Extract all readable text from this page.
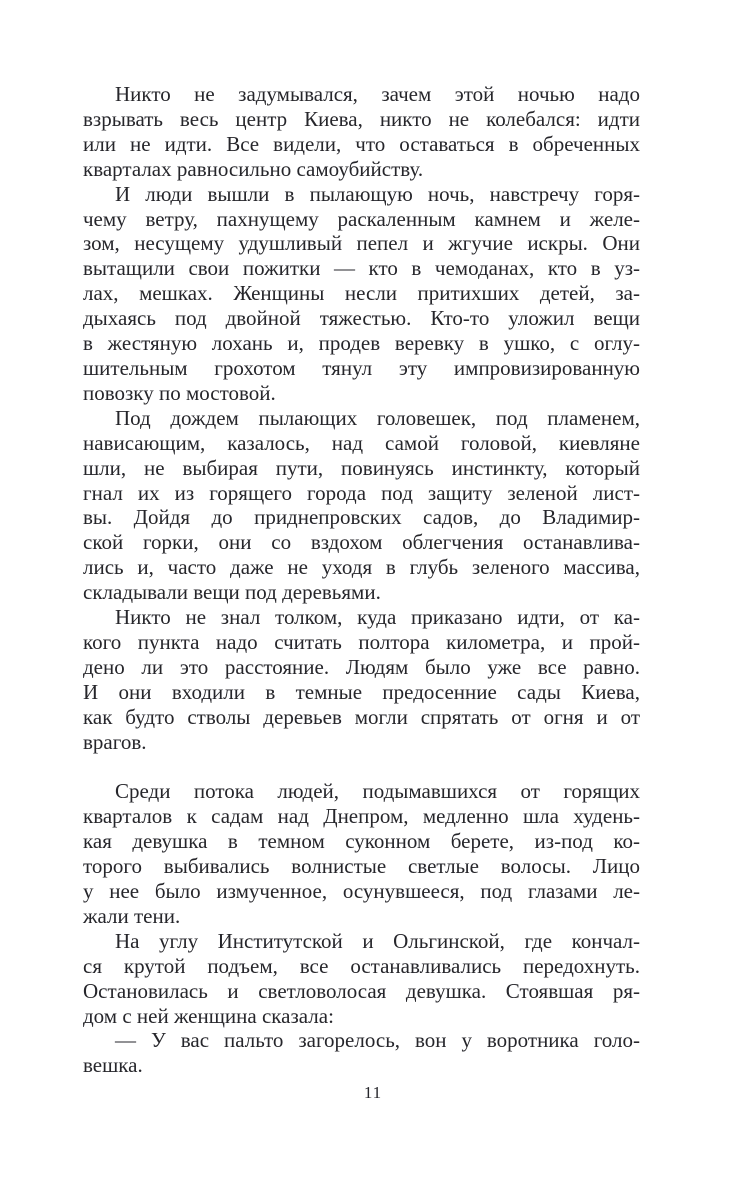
Никто не задумывался, зачем этой ночью надо
взрывать весь центр Киева, никто не колебался: идти
или не идти. Все видели, что оставаться в обреченных
кварталах равносильно самоубийству.
И люди вышли в пылающую ночь, навстречу горя-
чему ветру, пахнущему раскаленным камнем и желе-
зом, несущему удушливый пепел и жгучие искры. Они
вытащили свои пожитки — кто в чемоданах, кто в уз-
лах, мешках. Женщины несли притихших детей, за-
дыхаясь под двойной тяжестью. Кто-то уложил вещи
в жестяную лохань и, продев веревку в ушко, с оглу-
шительным грохотом тянул эту импровизированную
повозку по мостовой.
Под дождем пылающих головешек, под пламенем,
нависающим, казалось, над самой головой, киевляне
шли, не выбирая пути, повинуясь инстинкту, который
гнал их из горящего города под защиту зеленой лист-
вы. Дойдя до приднепровских садов, до Владимир-
ской горки, они со вздохом облегчения останавлива-
лись и, часто даже не уходя в глубь зеленого массива,
складывали вещи под деревьями.
Никто не знал толком, куда приказано идти, от ка-
кого пункта надо считать полтора километра, и прой-
дено ли это расстояние. Людям было уже все равно.
И они входили в темные предосенние сады Киева,
как будто стволы деревьев могли спрятать от огня и от
врагов.
Среди потока людей, подымавшихся от горящих
кварталов к садам над Днепром, медленно шла худень-
кая девушка в темном суконном берете, из-под ко-
торого выбивались волнистые светлые волосы. Лицо
у нее было измученное, осунувшееся, под глазами ле-
жали тени.
На углу Институтской и Ольгинской, где кончал-
ся крутой подъем, все останавливались передохнуть.
Остановилась и светловолосая девушка. Стоявшая ря-
дом с ней женщина сказала:
— У вас пальто загорелось, вон у воротника голо-
вешка.
11
